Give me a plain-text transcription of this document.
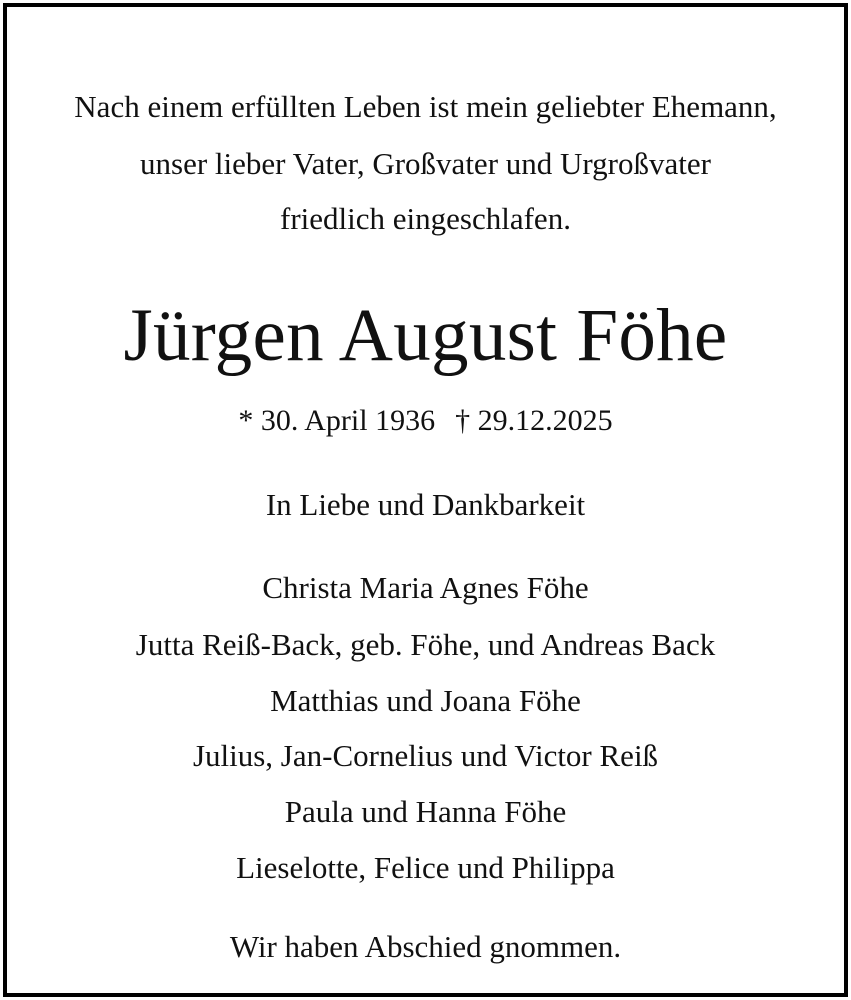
Nach einem erfüllten Leben ist mein geliebter Ehemann,
unser lieber Vater, Großvater und Urgroßvater
friedlich eingeschlafen.
Jürgen August Föhe
* 30. April 1936 † 29.12.2025
In Liebe und Dankbarkeit
Christa Maria Agnes Föhe
Jutta Reiß-Back, geb. Föhe, und Andreas Back
Matthias und Joana Föhe
Julius, Jan-Cornelius und Victor Reiß
Paula und Hanna Föhe
Lieselotte, Felice und Philippa
Wir haben Abschied gnommen.
